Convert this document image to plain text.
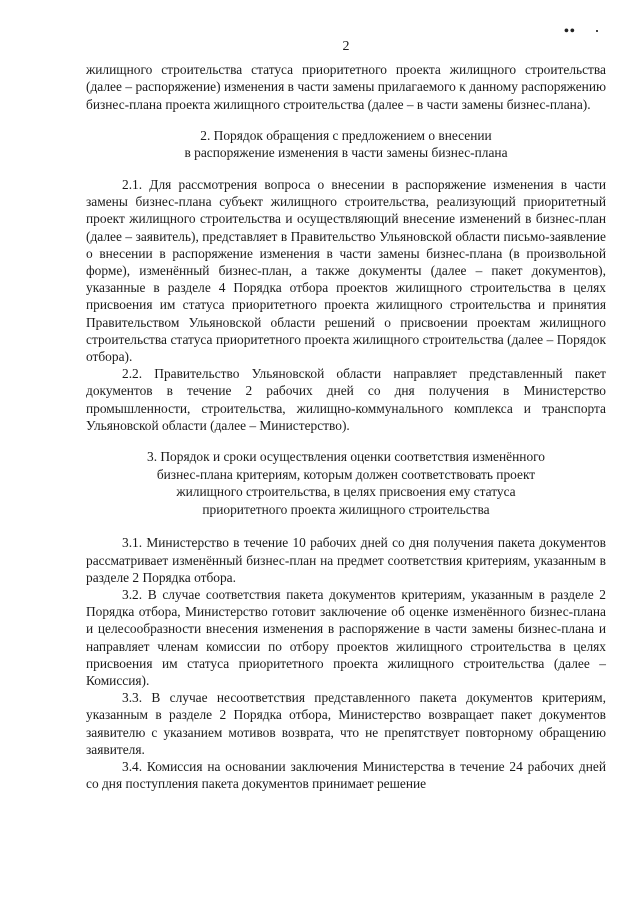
••
2
жилищного строительства статуса приоритетного проекта жилищного строительства (далее – распоряжение) изменения в части замены прилагаемого к данному распоряжению бизнес-плана проекта жилищного строительства (далее – в части замены бизнес-плана).
2. Порядок обращения с предложением о внесении
в распоряжение изменения в части замены бизнес-плана
2.1. Для рассмотрения вопроса о внесении в распоряжение изменения в части замены бизнес-плана субъект жилищного строительства, реализующий приоритетный проект жилищного строительства и осуществляющий внесение изменений в бизнес-план (далее – заявитель), представляет в Правительство Ульяновской области письмо-заявление о внесении в распоряжение изменения в части замены бизнес-плана (в произвольной форме), изменённый бизнес-план, а также документы (далее – пакет документов), указанные в разделе 4 Порядка отбора проектов жилищного строительства в целях присвоения им статуса приоритетного проекта жилищного строительства и принятия Правительством Ульяновской области решений о присвоении проектам жилищного строительства статуса приоритетного проекта жилищного строительства (далее – Порядок отбора).
2.2. Правительство Ульяновской области направляет представленный пакет документов в течение 2 рабочих дней со дня получения в Министерство промышленности, строительства, жилищно-коммунального комплекса и транспорта Ульяновской области (далее – Министерство).
3. Порядок и сроки осуществления оценки соответствия изменённого
бизнес-плана критериям, которым должен соответствовать проект
жилищного строительства, в целях присвоения ему статуса
приоритетного проекта жилищного строительства
3.1. Министерство в течение 10 рабочих дней со дня получения пакета документов рассматривает изменённый бизнес-план на предмет соответствия критериям, указанным в разделе 2 Порядка отбора.
3.2. В случае соответствия пакета документов критериям, указанным в разделе 2 Порядка отбора, Министерство готовит заключение об оценке изменённого бизнес-плана и целесообразности внесения изменения в распоряжение в части замены бизнес-плана и направляет членам комиссии по отбору проектов жилищного строительства в целях присвоения им статуса приоритетного проекта жилищного строительства (далее – Комиссия).
3.3. В случае несоответствия представленного пакета документов критериям, указанным в разделе 2 Порядка отбора, Министерство возвращает пакет документов заявителю с указанием мотивов возврата, что не препятствует повторному обращению заявителя.
3.4. Комиссия на основании заключения Министерства в течение 24 рабочих дней со дня поступления пакета документов принимает решение
